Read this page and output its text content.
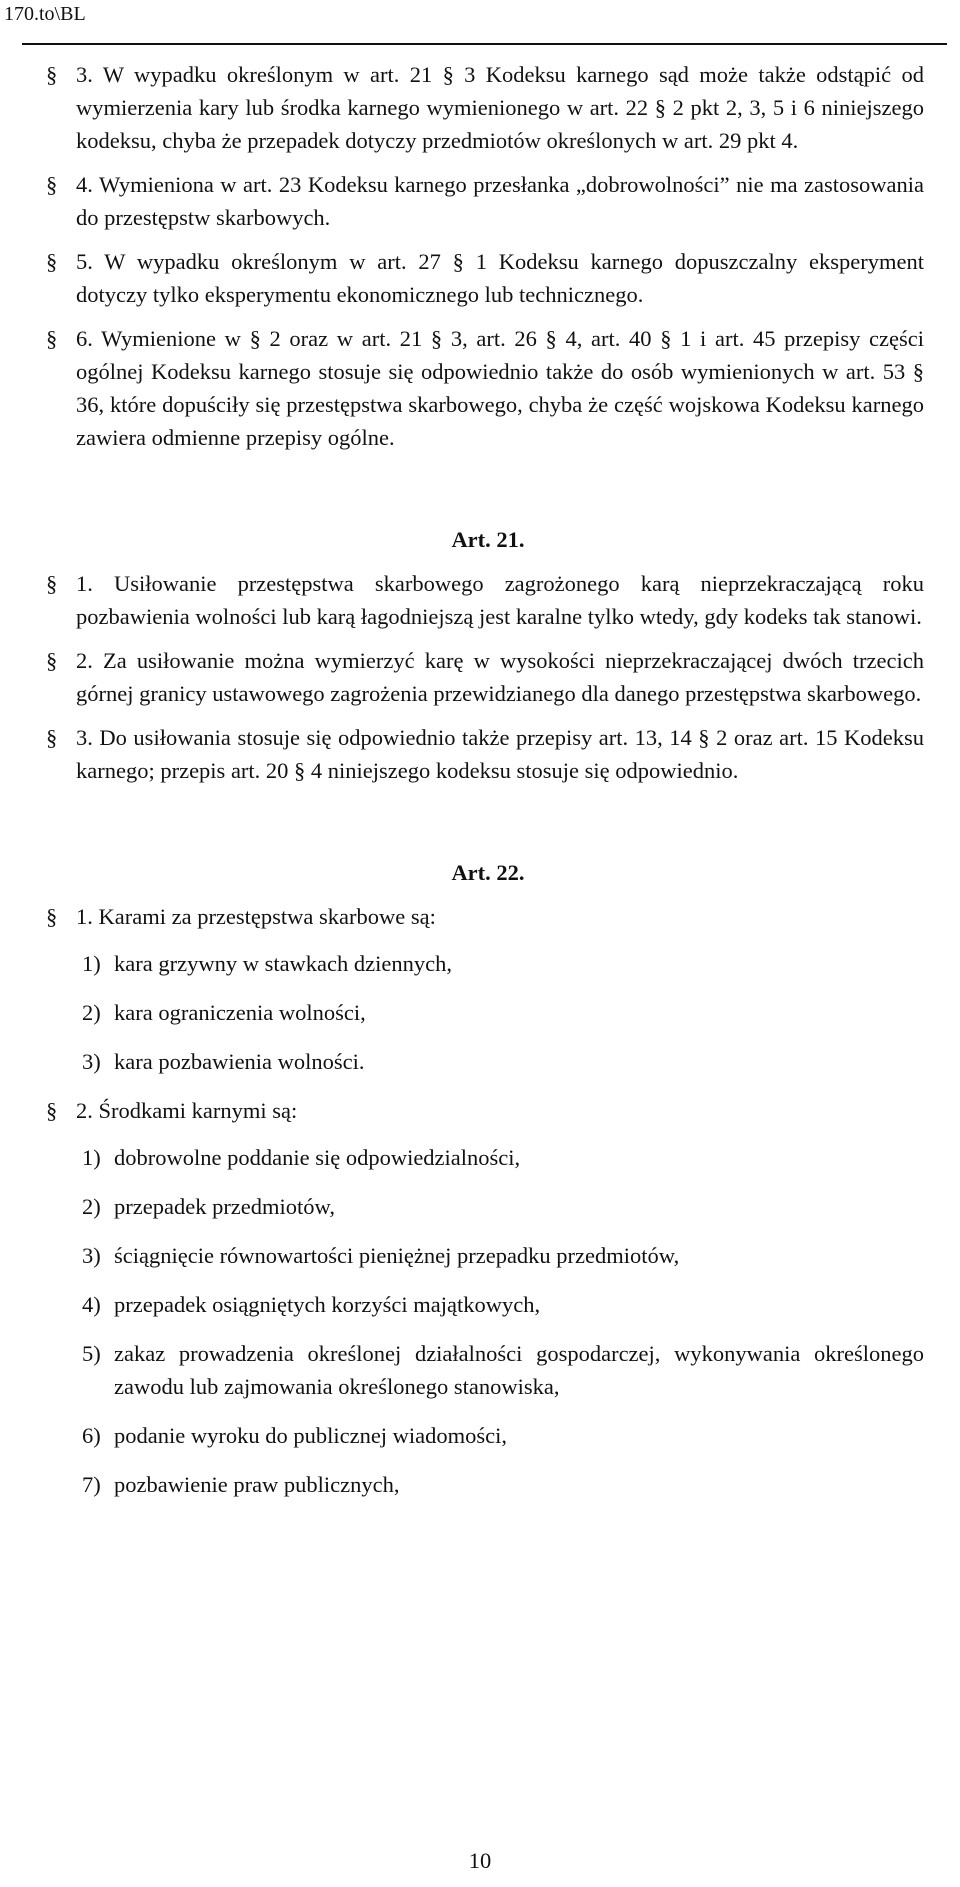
170.to\BL
§ 3. W wypadku określonym w art. 21 § 3 Kodeksu karnego sąd może także odstąpić od wymierzenia kary lub środka karnego wymienionego w art. 22 § 2 pkt 2, 3, 5 i 6 niniejszego kodeksu, chyba że przepadek dotyczy przedmiotów określonych w art. 29 pkt 4.
§ 4. Wymieniona w art. 23 Kodeksu karnego przesłanka „dobrowolności” nie ma zastosowania do przestępstw skarbowych.
§ 5. W wypadku określonym w art. 27 § 1 Kodeksu karnego dopuszczalny eksperyment dotyczy tylko eksperymentu ekonomicznego lub technicznego.
§ 6. Wymienione w § 2 oraz w art. 21 § 3, art. 26 § 4, art. 40 § 1 i art. 45 przepisy części ogólnej Kodeksu karnego stosuje się odpowiednio także do osób wymienionych w art. 53 § 36, które dopuściły się przestępstwa skarbowego, chyba że część wojskowa Kodeksu karnego zawiera odmienne przepisy ogólne.
Art. 21.
§ 1. Usiłowanie przestępstwa skarbowego zagrożonego karą nieprzekraczającą roku pozbawienia wolności lub karą łagodniejszą jest karalne tylko wtedy, gdy kodeks tak stanowi.
§ 2. Za usiłowanie można wymierzyć karę w wysokości nieprzekraczającej dwóch trzecich górnej granicy ustawowego zagrożenia przewidzianego dla danego przestępstwa skarbowego.
§ 3. Do usiłowania stosuje się odpowiednio także przepisy art. 13, 14 § 2 oraz art. 15 Kodeksu karnego; przepis art. 20 § 4 niniejszego kodeksu stosuje się odpowiednio.
Art. 22.
§ 1. Karami za przestępstwa skarbowe są:
1) kara grzywny w stawkach dziennych,
2) kara ograniczenia wolności,
3) kara pozbawienia wolności.
§ 2. Środkami karnymi są:
1) dobrowolne poddanie się odpowiedzialności,
2) przepadek przedmiotów,
3) ściągnięcie równowartości pieniężnej przepadku przedmiotów,
4) przepadek osiągniętych korzyści majątkowych,
5) zakaz prowadzenia określonej działalności gospodarczej, wykonywania określonego zawodu lub zajmowania określonego stanowiska,
6) podanie wyroku do publicznej wiadomości,
7) pozbawienie praw publicznych,
10
